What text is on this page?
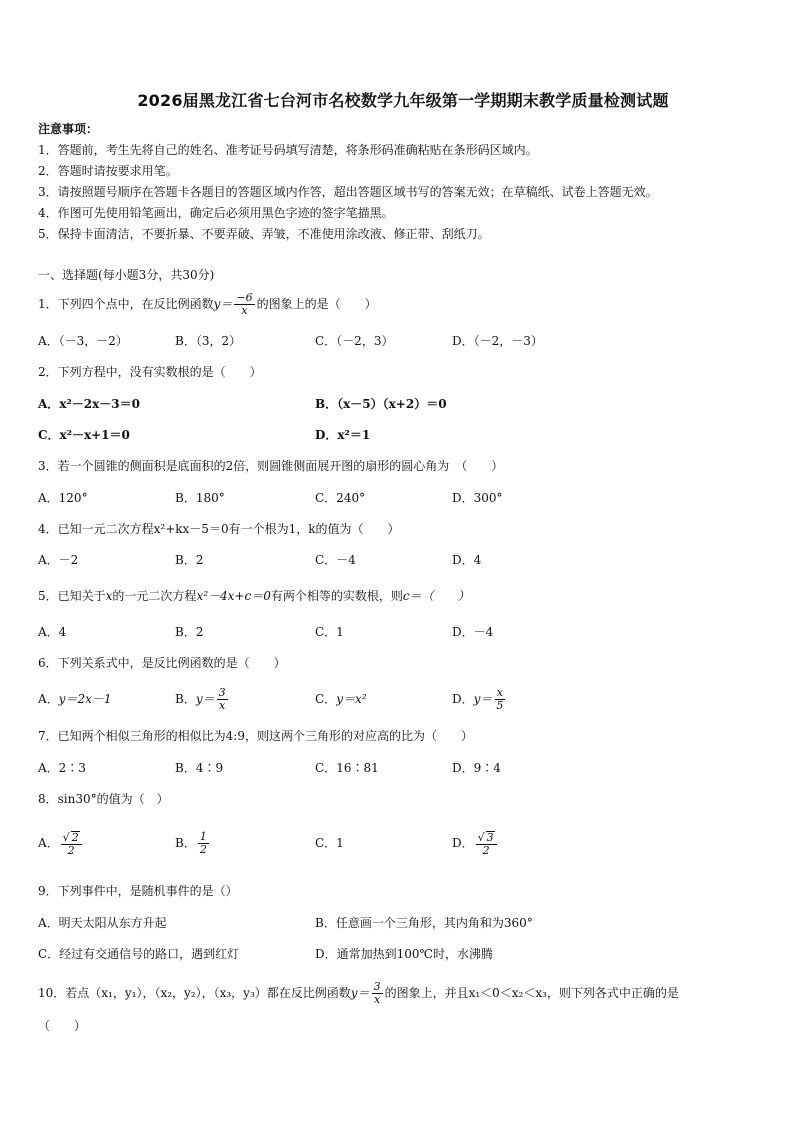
2026届黑龙江省七台河市名校数学九年级第一学期期末教学质量检测试题
注意事项：
1．答题前，考生先将自己的姓名、准考证号码填写清楚，将条形码准确粘贴在条形码区域内。
2．答题时请按要求用笔。
3．请按照题号顺序在答题卡各题目的答题区域内作答，超出答题区域书写的答案无效；在草稿纸、试卷上答题无效。
4．作图可先使用铅笔画出，确定后必须用黑色字迹的签字笔描黑。
5．保持卡面清洁，不要折暴、不要弄破、弄皱，不准使用涂改液、修正带、刮纸刀。
一、选择题(每小题3分，共30分)
1．下列四个点中，在反比例函数$y= \frac{-6}{x}$ 的图象上的是（　　）
A．（－3，－2）	B．（3，2）	C．（－2，3）	D．（－2，－3）
2．下列方程中，没有实数根的是（　　）
A．x²－2x－3＝0	B．（x－5）（x+2）＝0
C．x²－x+1＝0	D．x²＝1
3．若一个圆锥的侧面积是底面积的2倍，则圆锥侧面展开图的扇形的圆心角为　（　　）
A．120°	B．180°	C．240°	D．300°
4．已知一元二次方程x²+kx－5＝0有一个根为1，k的值为（　　）
A．－2	B．2	C．－4	D．4
5．已知关于x的一元二次方程x²－4x+c＝0有两个相等的实数根，则c＝（　　）
A．4	B．2	C．1	D．－4
6．下列关系式中，是反比例函数的是（　　）
A．y＝2x－1	B．$y= \frac{3}{x}$	C．y＝x²	D．$y= \frac{x}{5}$
7．已知两个相似三角形的相似比为4:9，则这两个三角形的对应高的比为（　　）
A．2∶3	B．4∶9	C．16∶81	D．9∶4
8．sin30°的值为（　）
A． $\frac{√ 2}{2}$	B． $\frac{1}{2}$	C．1	D． $\frac{√ 3}{2}$
9．下列事件中，是随机事件的是（）
A．明天太阳从东方升起	B．任意画一个三角形，其内角和为360°
C．经过有交通信号的路口，遇到红灯	D．通常加热到100℃时，水沸腾
10．若点（x₁，y₁），（x₂，y₂），（x₃，y₃）都在反比例函数$y= \frac{3}{x}$ 的图象上，并且x₁＜0＜x₂＜x₃，则下列各式中正确的是
（　　）
